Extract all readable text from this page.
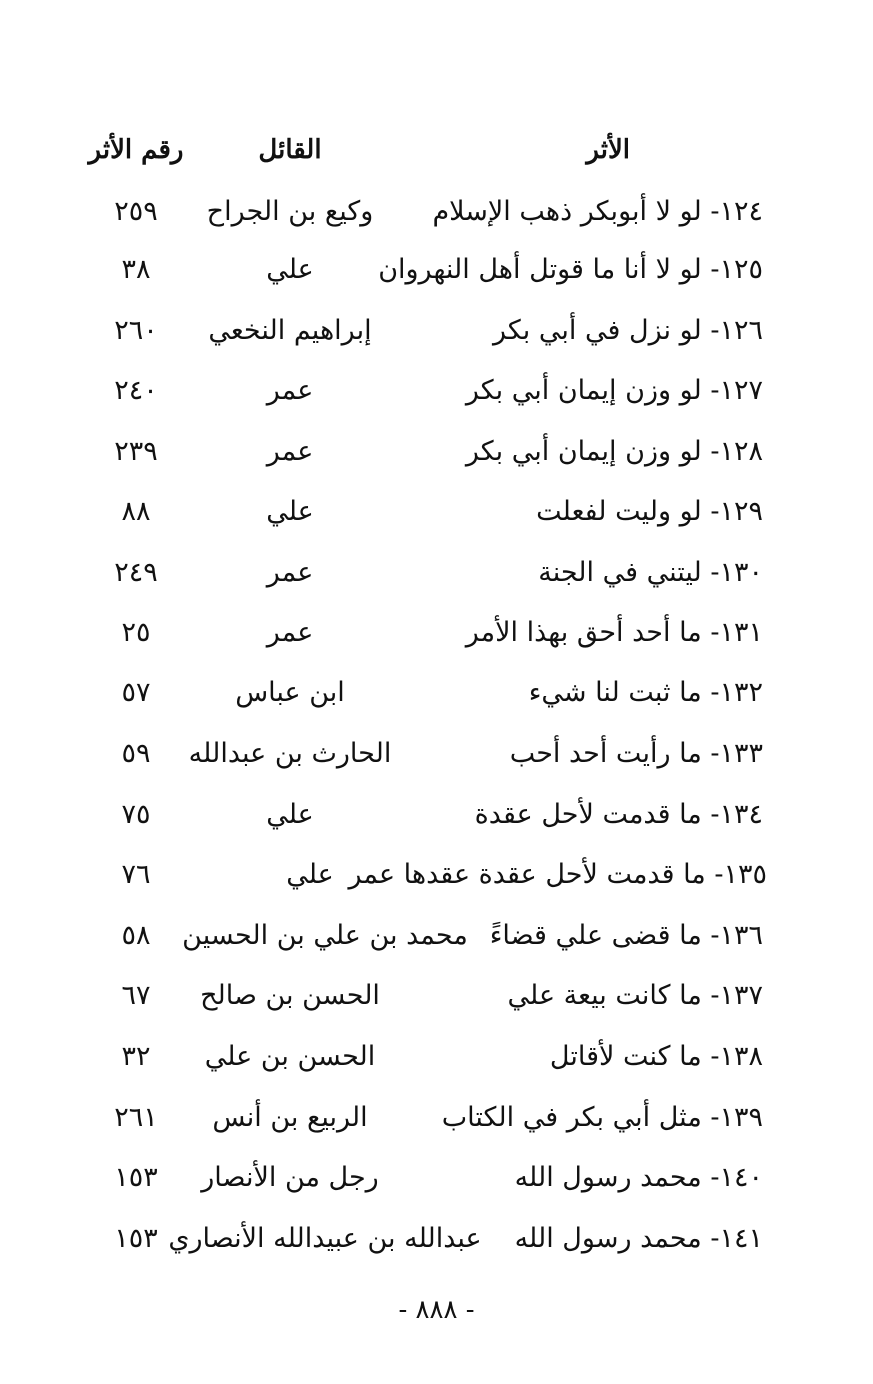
الأثر
القائل
رقم الأثر
١٢٤- لو لا أبوبكر ذهب الإسلام
وكيع بن الجراح
٢٥٩
١٢٥- لو لا أنا ما قوتل أهل النهروان
علي
٣٨
١٢٦- لو نزل في أبي بكر
إبراهيم النخعي
٢٦٠
١٢٧- لو وزن إيمان أبي بكر
عمر
٢٤٠
١٢٨- لو وزن إيمان أبي بكر
عمر
٢٣٩
١٢٩- لو وليت لفعلت
علي
٨٨
١٣٠- ليتني في الجنة
عمر
٢٤٩
١٣١- ما أحد أحق بهذا الأمر
عمر
٢٥
١٣٢- ما ثبت لنا شيء
ابن عباس
٥٧
١٣٣- ما رأيت أحد أحب
الحارث بن عبدالله
٥٩
١٣٤- ما قدمت لأحل عقدة
علي
٧٥
١٣٥- ما قدمت لأحل عقدة عقدها عمر
علي
٧٦
١٣٦- ما قضى علي قضاءً
محمد بن علي بن الحسين
٥٨
١٣٧- ما كانت بيعة علي
الحسن بن صالح
٦٧
١٣٨- ما كنت لأقاتل
الحسن بن علي
٣٢
١٣٩- مثل أبي بكر في الكتاب
الربيع بن أنس
٢٦١
١٤٠- محمد رسول الله
رجل من الأنصار
١٥٣
١٤١- محمد رسول الله
عبدالله بن عبيدالله الأنصاري
١٥٣
- ٨٨٨ -
